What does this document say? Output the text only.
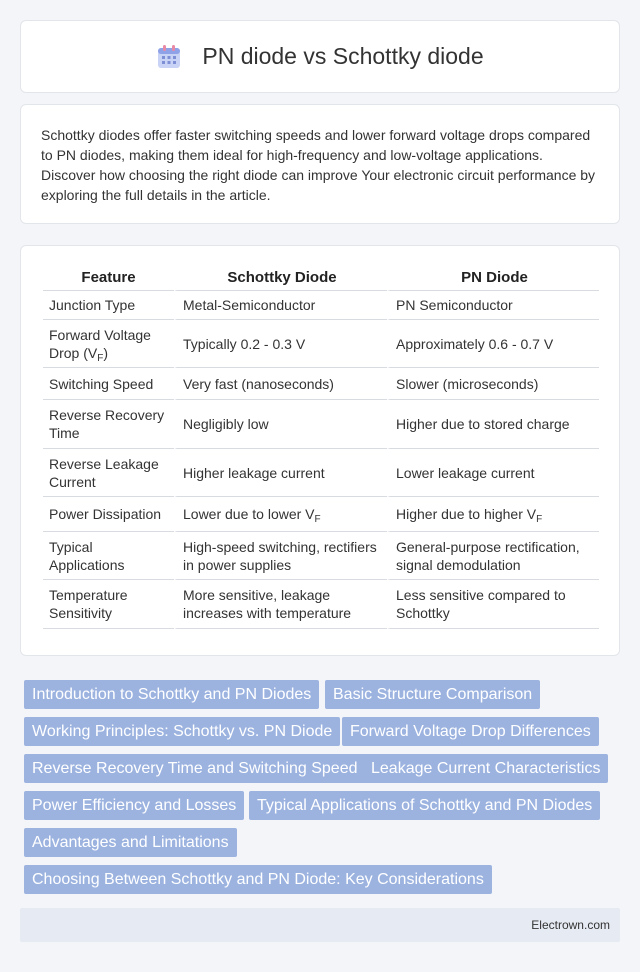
PN diode vs Schottky diode

Schottky diodes offer faster switching speeds and lower forward voltage drops compared to PN diodes, making them ideal for high-frequency and low-voltage applications. Discover how choosing the right diode can improve Your electronic circuit performance by exploring the full details in the article.

Feature	Schottky Diode	PN Diode
Junction Type	Metal-Semiconductor	PN Semiconductor
Forward Voltage Drop $(V_F)$	Typically 0.2 - 0.3 V	Approximately 0.6 - 0.7 V
Switching Speed	Very fast (nanoseconds)	Slower (microseconds)
Reverse Recovery Time	Negligibly low	Higher due to stored charge
Reverse Leakage Current	Higher leakage current	Lower leakage current
Power Dissipation	Lower due to lower $V_F$	Higher due to higher $V_F$
Typical Applications	High-speed switching, rectifiers in power supplies	General-purpose rectification, signal demodulation
Temperature Sensitivity	More sensitive, leakage increases with temperature	Less sensitive compared to Schottky
Introduction to Schottky and PN Diodes	Basic Structure Comparison
Working Principles: Schottky vs. PN Diode	Forward Voltage Drop Differences
Reverse Recovery Time and Switching Speed Leakage Current Characteristics
Power Efficiency and Losses	Typical Applications of Schottky and PN Diodes
Advantages and Limitations
Choosing Between Schottky and PN Diode: Key Considerations
Electrown.com
